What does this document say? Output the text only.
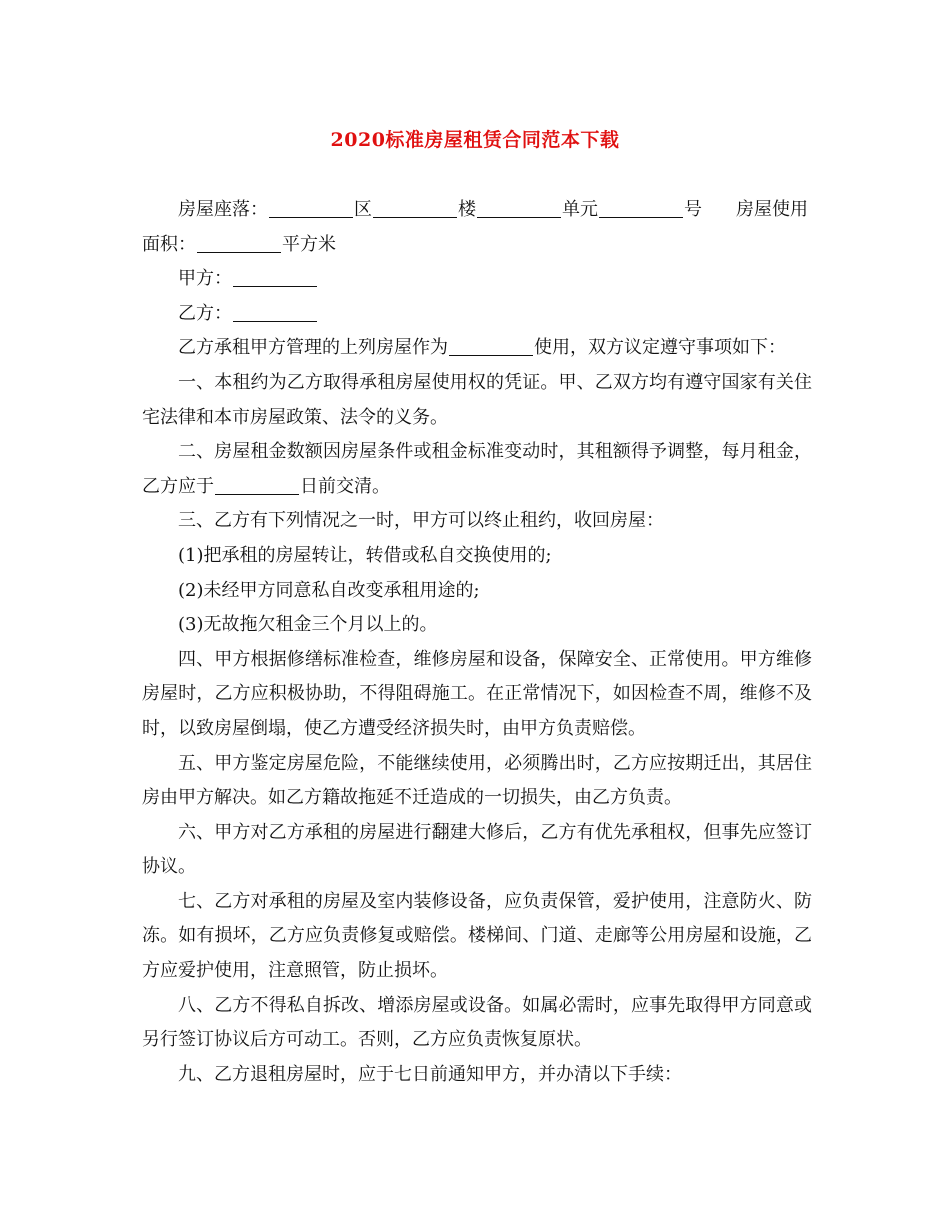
2020标准房屋租赁合同范本下载

房屋座落：	区	楼	单元	号 房屋使用

面积：	平方米

甲方：

乙方：

乙方承租甲方管理的上列房屋作为	使用，双方议定遵守事项如下：

一、本租约为乙方取得承租房屋使用权的凭证。甲、乙双方均有遵守国家有关住宅法律和本市房屋政策、法令的义务。

二、房屋租金数额因房屋条件或租金标准变动时，其租额得予调整，每月租金，乙方应于	日前交清。

三、乙方有下列情况之一时，甲方可以终止租约，收回房屋：

(1)把承租的房屋转让，转借或私自交换使用的;

(2)未经甲方同意私自改变承租用途的;

(3)无故拖欠租金三个月以上的。

四、甲方根据修缮标准检查，维修房屋和设备，保障安全、正常使用。甲方维修房屋时，乙方应积极协助，不得阻碍施工。在正常情况下，如因检查不周，维修不及时，以致房屋倒塌，使乙方遭受经济损失时，由甲方负责赔偿。

五、甲方鉴定房屋危险，不能继续使用，必须腾出时，乙方应按期迁出，其居住房由甲方解决。如乙方籍故拖延不迁造成的一切损失，由乙方负责。

六、甲方对乙方承租的房屋进行翻建大修后，乙方有优先承租权，但事先应签订协议。

七、乙方对承租的房屋及室内装修设备，应负责保管，爱护使用，注意防火、防冻。如有损坏，乙方应负责修复或赔偿。楼梯间、门道、走廊等公用房屋和设施，乙方应爱护使用，注意照管，防止损坏。

八、乙方不得私自拆改、增添房屋或设备。如属必需时，应事先取得甲方同意或另行签订协议后方可动工。否则，乙方应负责恢复原状。

九、乙方退租房屋时，应于七日前通知甲方，并办清以下手续：
